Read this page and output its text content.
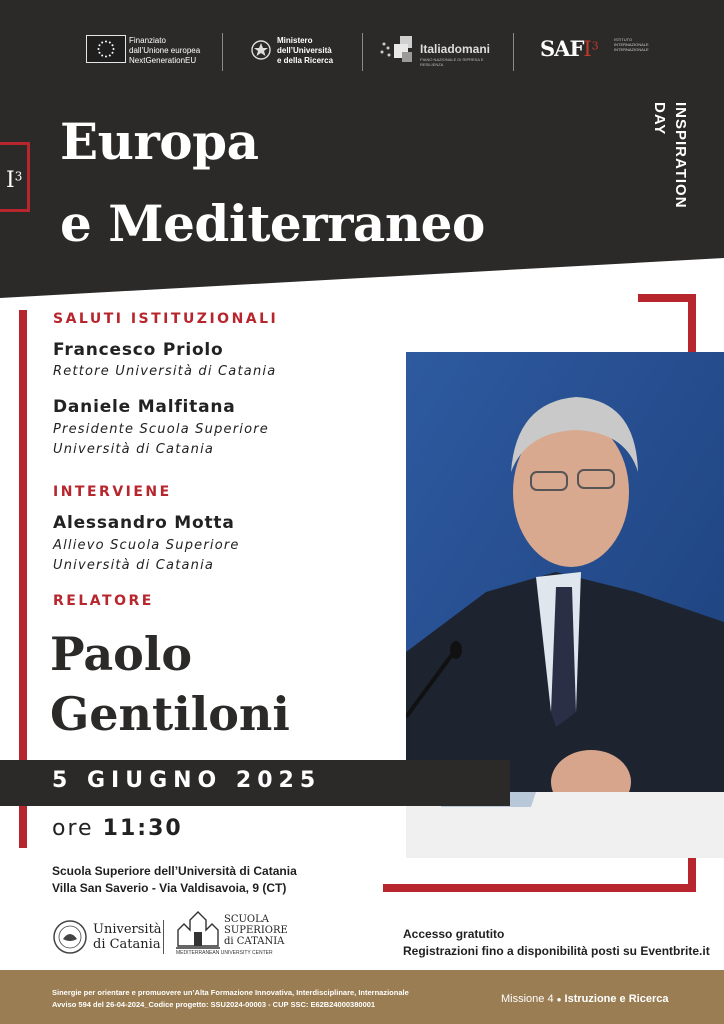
Finanziato
dall’Unione europea
NextGenerationEU
Ministero
dell’Università
e della Ricerca
Italiadomani
PIANO NAZIONALE DI RIPRESA E RESILIENZA
SAFI$^3$
ISTITUTO INTERNAZIONALE INTERNAZIONALE
$I^3$
Europa
e Mediterraneo
INSPIRATION
DAY
SALUTI ISTITUZIONALI
Francesco Priolo
Rettore Università di Catania
Daniele Malfitana
Presidente Scuola Superiore
Università di Catania
INTERVIENE
Alessandro Motta
Allievo Scuola Superiore
Università di Catania
RELATORE
Paolo
Gentiloni
5 GIUGNO 2025
ore 11:30
Scuola Superiore dell’Università di Catania
Villa San Saverio - Via Valdisavoia, 9 (CT)
Università
di Catania
SCUOLA
SUPERIORE
di CATANIA
MEDITERRANEAN UNIVERSITY CENTER
Accesso gratutito
Registrazioni fino a disponibilità posti su Eventbrite.it
Sinergie per orientare e promuovere un’Alta Formazione Innovativa, Interdisciplinare, Internazionale
Avviso 594 del 26-04-2024_Codice progetto: SSU2024-00003 - CUP SSC: E62B24000380001	Missione 4 ● Istruzione e Ricerca
